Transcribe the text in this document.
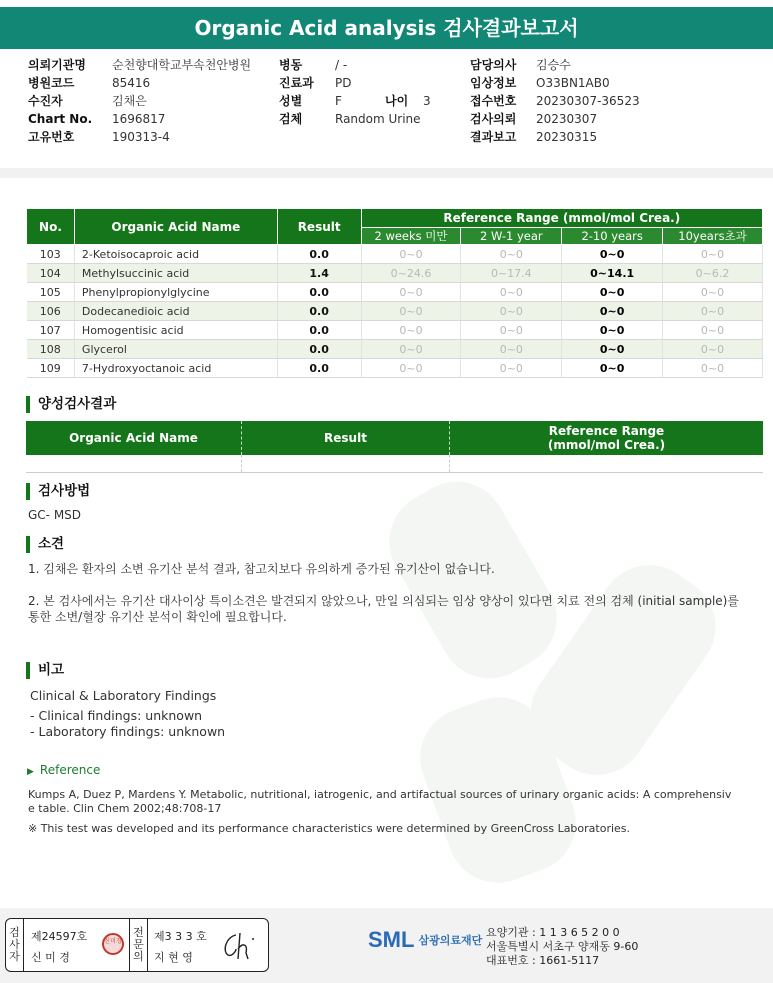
Organic Acid analysis 검사결과보고서
의뢰기관명 순천향대학교부속천안병원
병원코드	85416
수진자	김채은
Chart No. 1696817
고유번호	190313-4
병동	/ -
진료과 PD
성별	F	나이 3
검체	Random Urine
담당의사 김승수
임상정보 O33BN1AB0
접수번호 20230307-36523
검사의뢰 20230307
결과보고 20230315
No.	Organic Acid Name	Result	Reference Range (mmol/mol Crea.)			
			2 weeks 미만	2 W-1 year	2-10 years	10years초과
103	2-Ketoisocaproic acid	0.0	0~0	0~0	0~0	0~0
104	Methylsuccinic acid	1.4	0~24.6	0~17.4	0~14.1	0~6.2
105	Phenylpropionylglycine	0.0	0~0	0~0	0~0	0~0
106	Dodecanedioic acid	0.0	0~0	0~0	0~0	0~0
107	Homogentisic acid	0.0	0~0	0~0	0~0	0~0
108	Glycerol	0.0	0~0	0~0	0~0	0~0
109	7-Hydroxyoctanoic acid	0.0	0~0	0~0	0~0	0~0
양성검사결과
Organic Acid Name	Result	Reference Range
(mmol/mol Crea.)
검사방법
GC- MSD
소견
1. 김채은 환자의 소변 유기산 분석 결과, 참고치보다 유의하게 증가된 유기산이 없습니다.
2. 본 검사에서는 유기산 대사이상 특이소견은 발견되지 않았으나, 만일 의심되는 임상 양상이 있다면 치료 전의 검체 (initial sample)를
통한 소변/혈장 유기산 분석이 확인에 필요합니다.
비고
Clinical & Laboratory Findings
- Clinical findings: unknown
- Laboratory findings: unknown
▶ Reference
Kumps A, Duez P, Mardens Y. Metabolic, nutritional, iatrogenic, and artifactual sources of urinary organic acids: A comprehensiv
e table. Clin Chem 2002;48:708-17
※ This test was developed and its performance characteristics were determined by GreenCross Laboratories.
검
사
자
제24597호
신 미 경
신미경
전
문
의
제3 3 3 호
지 현 영
SML 삼광의료재단
요양기관 : 1 1 3 6 5 2 0 0
서울특별시 서초구 양재동 9-60
대표번호 : 1661-5117
